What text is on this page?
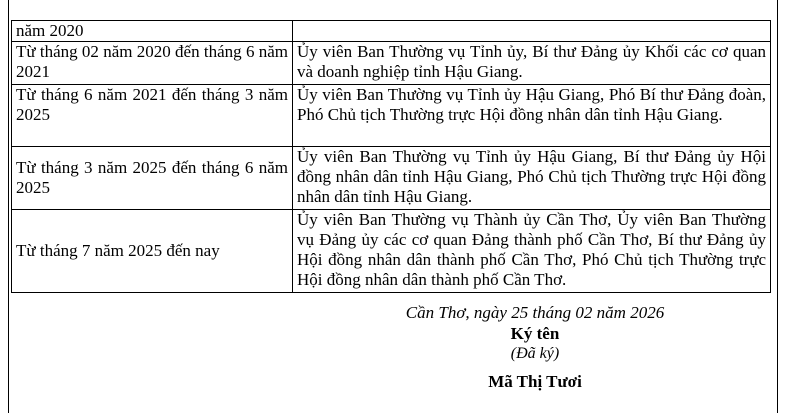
năm 2020	
Từ tháng 02 năm 2020 đến tháng 6 năm 2021	Ủy viên Ban Thường vụ Tỉnh ủy, Bí thư Đảng ủy Khối các cơ quan và doanh nghiệp tỉnh Hậu Giang.
Từ tháng 6 năm 2021 đến tháng 3 năm 2025	Ủy viên Ban Thường vụ Tỉnh ủy Hậu Giang, Phó Bí thư Đảng đoàn, Phó Chủ tịch Thường trực Hội đồng nhân dân tỉnh Hậu Giang.
Từ tháng 3 năm 2025 đến tháng 6 năm 2025	Ủy viên Ban Thường vụ Tỉnh ủy Hậu Giang, Bí thư Đảng ủy Hội đồng nhân dân tỉnh Hậu Giang, Phó Chủ tịch Thường trực Hội đồng nhân dân tỉnh Hậu Giang.
Từ tháng 7 năm 2025 đến nay	Ủy viên Ban Thường vụ Thành ủy Cần Thơ, Ủy viên Ban Thường vụ Đảng ủy các cơ quan Đảng thành phố Cần Thơ, Bí thư Đảng ủy Hội đồng nhân dân thành phố Cần Thơ, Phó Chủ tịch Thường trực Hội đồng nhân dân thành phố Cần Thơ.
Cần Thơ, ngày 25 tháng 02 năm 2026
Ký tên
(Đã ký)
Mã Thị Tươi
